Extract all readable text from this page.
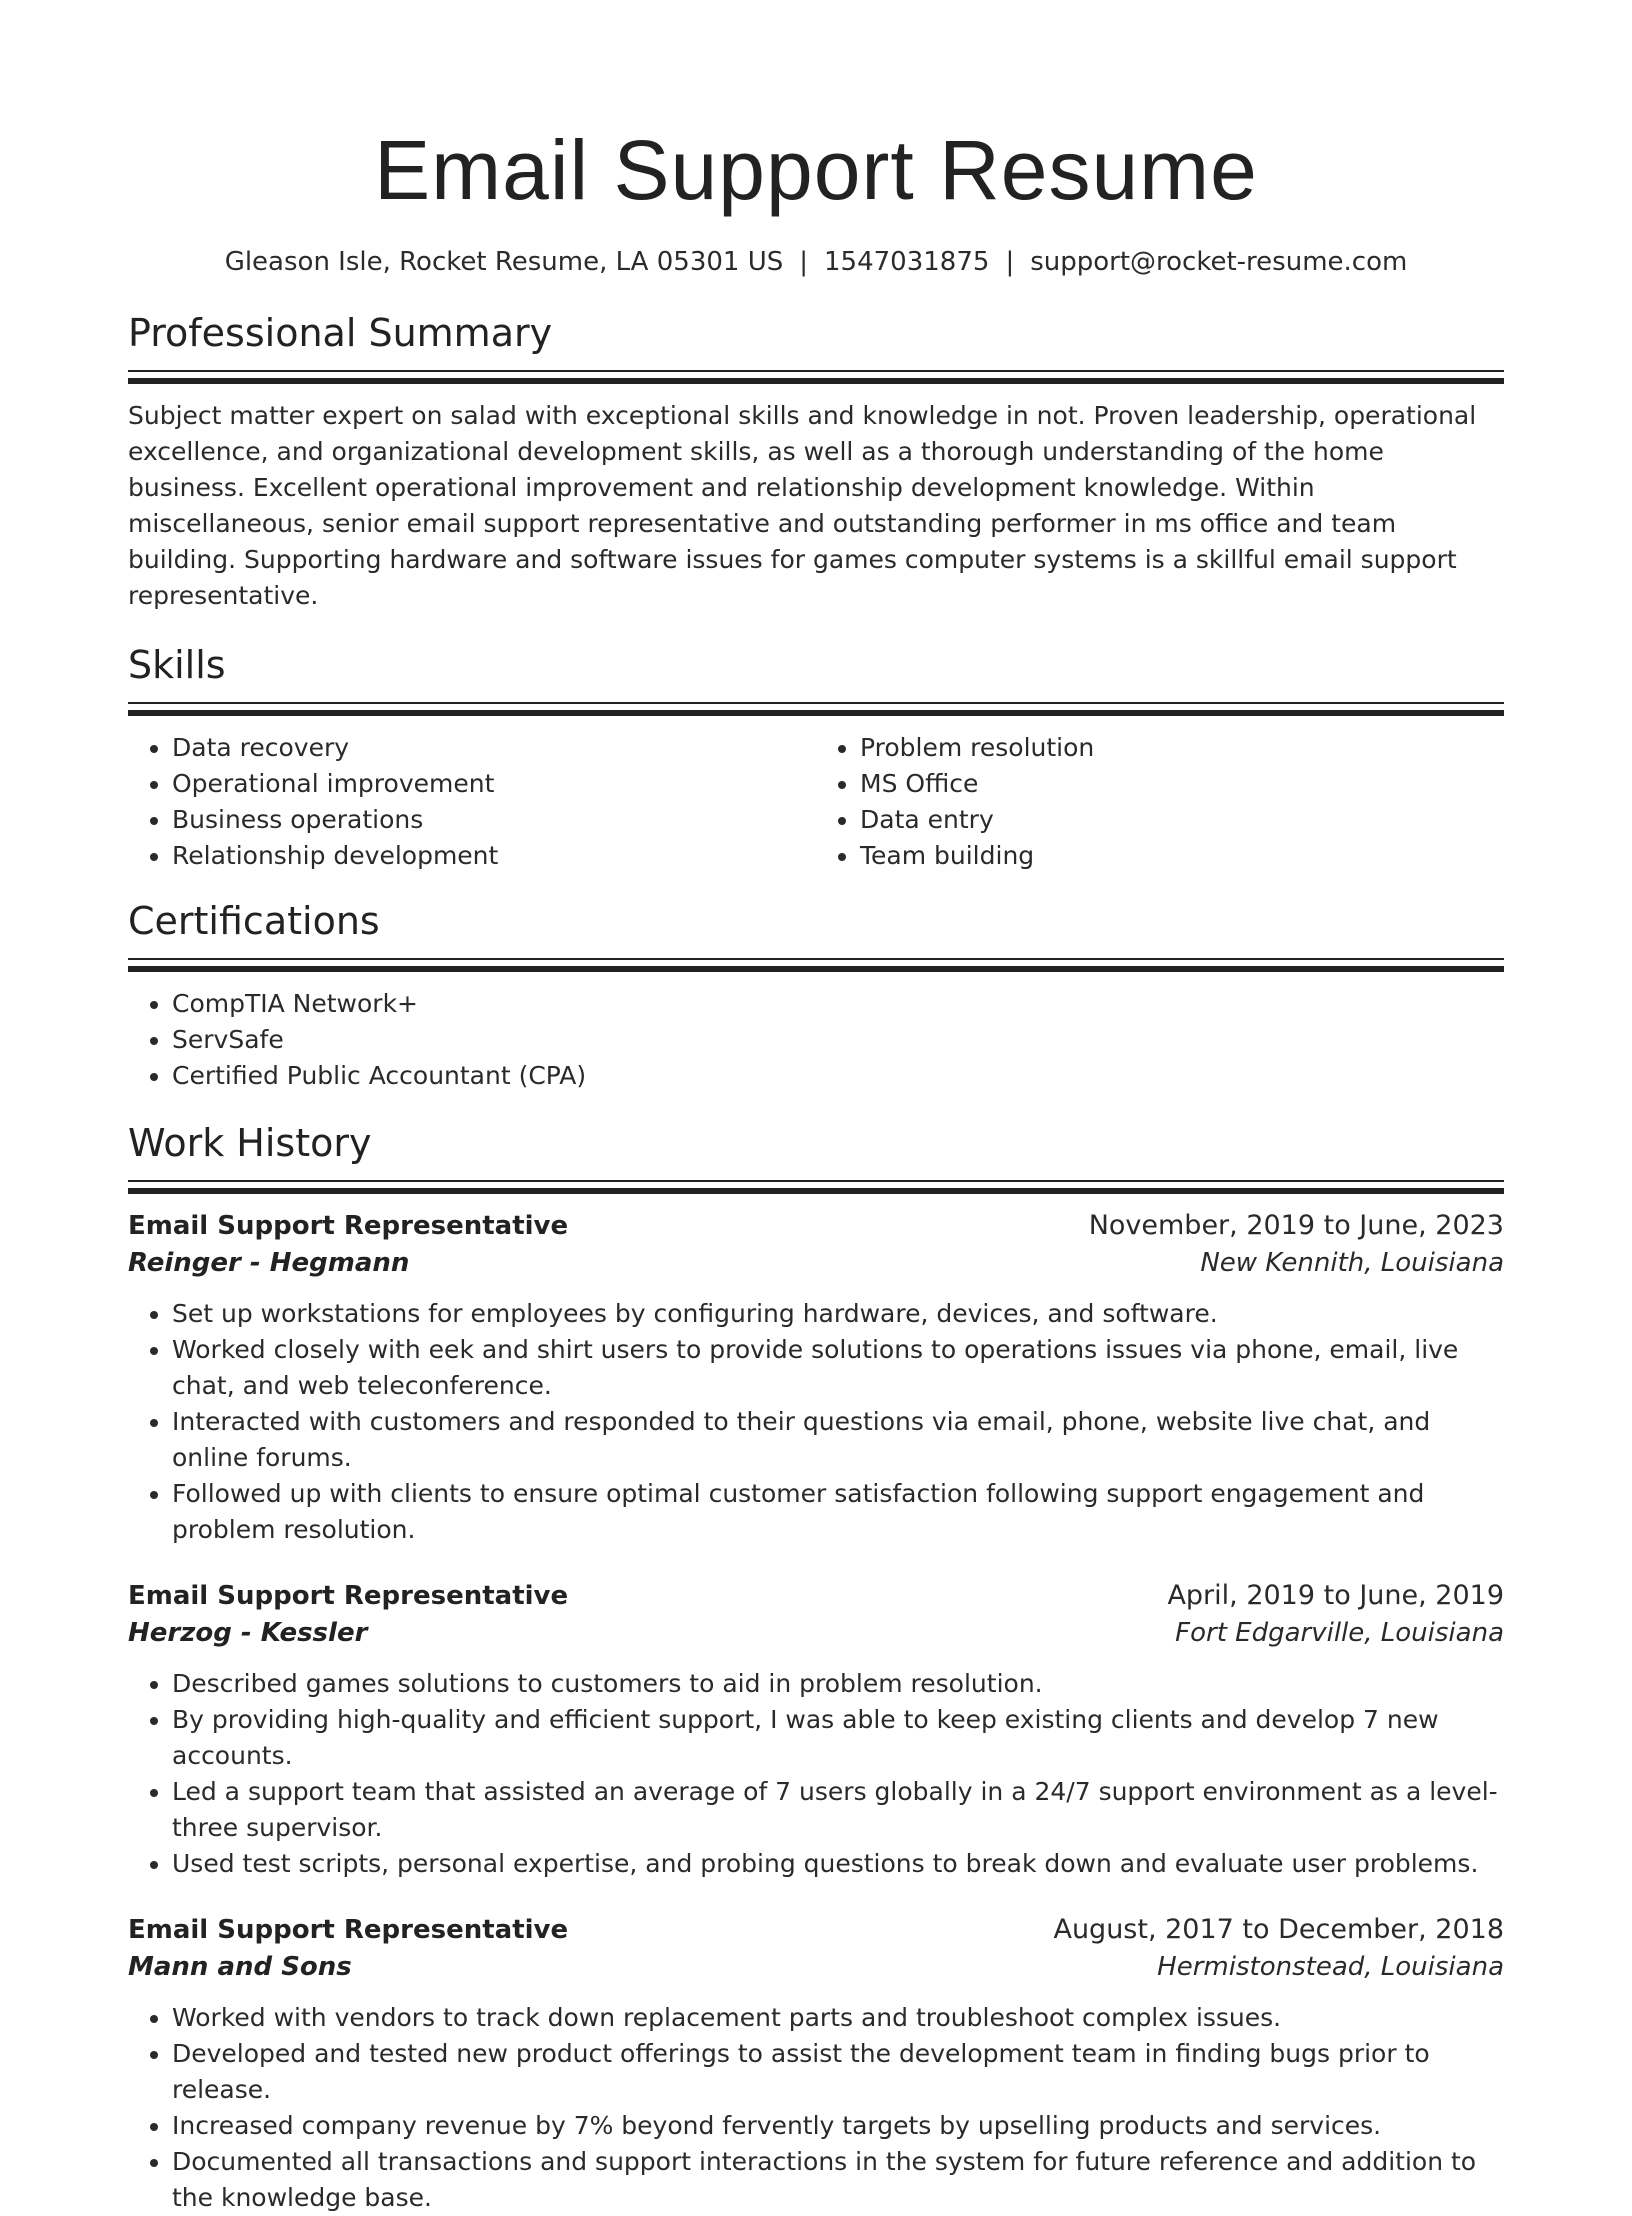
Email Support Resume
Gleason Isle, Rocket Resume, LA 05301 US | 1547031875 | support@rocket-resume.com
Professional Summary
Subject matter expert on salad with exceptional skills and knowledge in not. Proven leadership, operational excellence, and organizational development skills, as well as a thorough understanding of the home business. Excellent operational improvement and relationship development knowledge. Within miscellaneous, senior email support representative and outstanding performer in ms office and team building. Supporting hardware and software issues for games computer systems is a skillful email support representative.
Skills
• Data recovery
• Operational improvement
• Business operations
• Relationship development
• Problem resolution
• MS Office
• Data entry
• Team building
Certifications
• CompTIA Network+
• ServSafe
• Certified Public Accountant (CPA)
Work History
Email Support Representative	November, 2019 to June, 2023
Reinger - Hegmann	New Kennith, Louisiana
• Set up workstations for employees by configuring hardware, devices, and software.
• Worked closely with eek and shirt users to provide solutions to operations issues via phone, email, live chat, and web teleconference.
• Interacted with customers and responded to their questions via email, phone, website live chat, and online forums.
• Followed up with clients to ensure optimal customer satisfaction following support engagement and problem resolution.
Email Support Representative	April, 2019 to June, 2019
Herzog - Kessler	Fort Edgarville, Louisiana
• Described games solutions to customers to aid in problem resolution.
• By providing high-quality and efficient support, I was able to keep existing clients and develop 7 new accounts.
• Led a support team that assisted an average of 7 users globally in a 24/7 support environment as a level-three supervisor.
• Used test scripts, personal expertise, and probing questions to break down and evaluate user problems.
Email Support Representative	August, 2017 to December, 2018
Mann and Sons	Hermistonstead, Louisiana
• Worked with vendors to track down replacement parts and troubleshoot complex issues.
• Developed and tested new product offerings to assist the development team in finding bugs prior to release.
• Increased company revenue by 7% beyond fervently targets by upselling products and services.
• Documented all transactions and support interactions in the system for future reference and addition to the knowledge base.
